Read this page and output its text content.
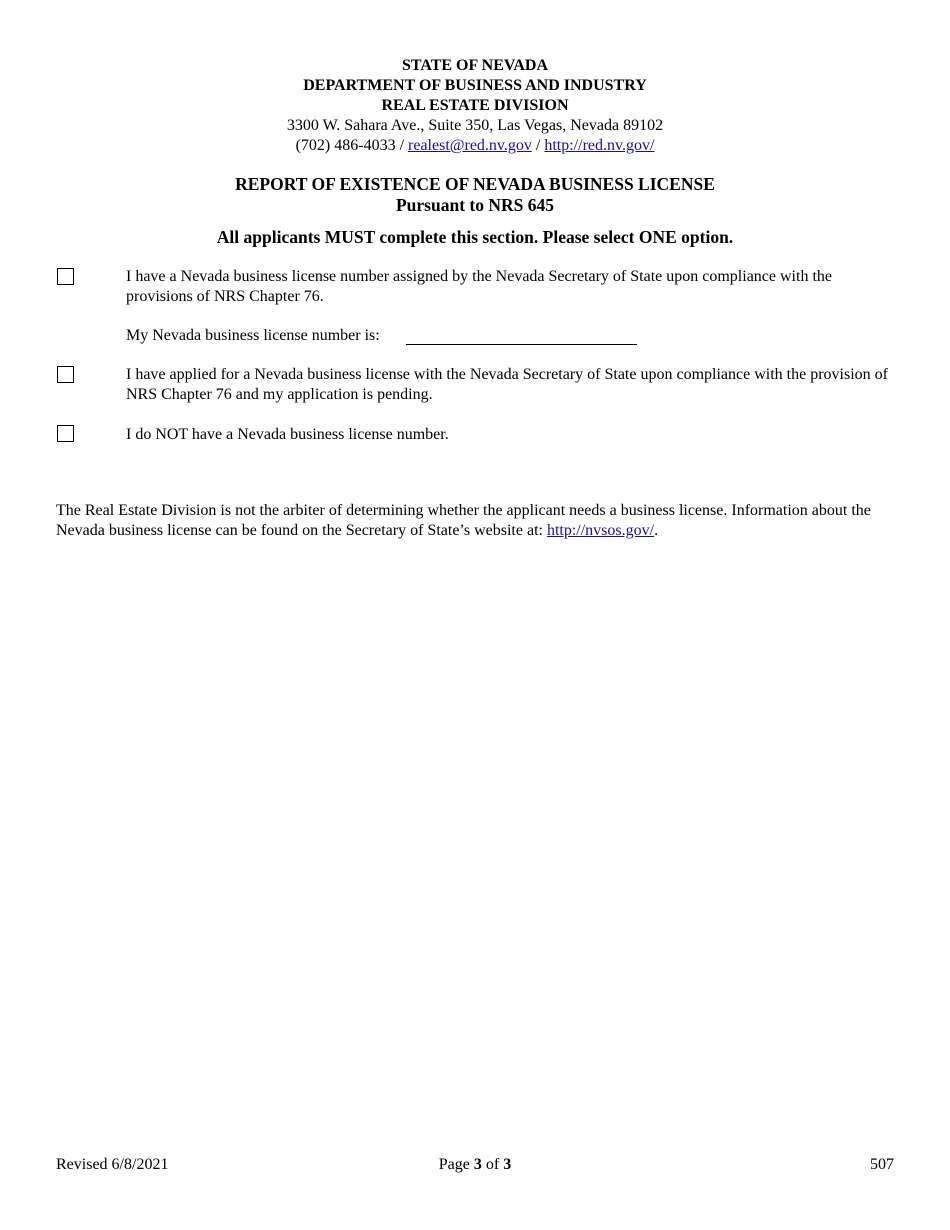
STATE OF NEVADA
DEPARTMENT OF BUSINESS AND INDUSTRY
REAL ESTATE DIVISION
3300 W. Sahara Ave., Suite 350, Las Vegas, Nevada 89102
(702) 486-4033 / realest@red.nv.gov / http://red.nv.gov/
REPORT OF EXISTENCE OF NEVADA BUSINESS LICENSE
Pursuant to NRS 645
All applicants MUST complete this section. Please select ONE option.
I have a Nevada business license number assigned by the Nevada Secretary of State upon compliance with the provisions of NRS Chapter 76.
My Nevada business license number is:
I have applied for a Nevada business license with the Nevada Secretary of State upon compliance with the provision of NRS Chapter 76 and my application is pending.
I do NOT have a Nevada business license number.
The Real Estate Division is not the arbiter of determining whether the applicant needs a business license. Information about the Nevada business license can be found on the Secretary of State’s website at: http://nvsos.gov/.
Revised 6/8/2021	Page 3 of 3	507
